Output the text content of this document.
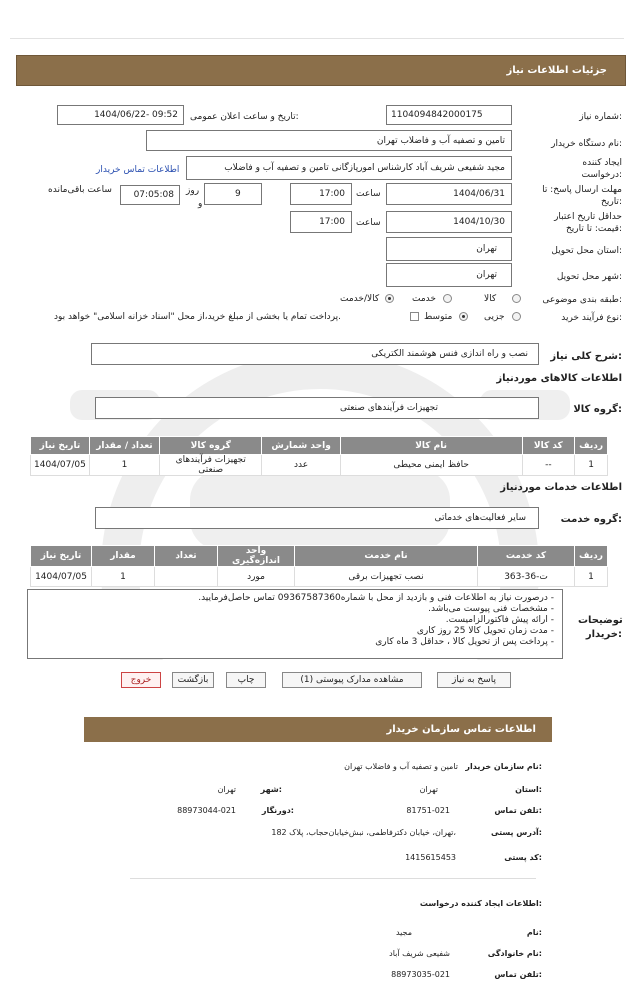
جزئیات اطلاعات نیاز
شماره نیاز:
1104094842000175
تاریخ و ساعت اعلان عمومی:
1404/06/22- 09:52
نام دستگاه خریدار:
تامین و تصفیه آب و فاضلاب تهران
ایجاد کننده درخواست:
مجید شفیعی شریف آباد کارشناس امورپازگانی تامین و تصفیه آب و فاضلاب
اطلاعات تماس خریدار
مهلت ارسال پاسخ: تا تاریخ:
1404/06/31
ساعت
17:00
9
روز
و
07:05:08
ساعت باقی‌مانده
حداقل تاریخ اعتبار قیمت: تا تاریخ:
1404/10/30
ساعت
17:00
استان محل تحویل:
تهران
شهر محل تحویل:
تهران
طبقه بندی موضوعی:
کالا
خدمت
کالا/خدمت
نوع فرآیند خرید:
جزیی
متوسط
پرداخت تمام یا بخشی از مبلغ خرید،از محل "اسناد خزانه اسلامی" خواهد بود.
شرح کلی نیاز:
نصب و راه اندازی فنس هوشمند الکتریکی
اطلاعات کالاهای موردنیاز
گروه کالا:
تجهیزات فرآیندهای صنعتی
ردیف	کد کالا	نام کالا	واحد شمارش	گروه کالا	تعداد / مقدار	تاریخ نیاز
1	--	حافظ ایمنی محیطی	عدد	تجهیزات فرآیندهای صنعتی	1	1404/07/05
اطلاعات خدمات موردنیاز
گروه خدمت:
سایر فعالیت‌های خدماتی
ردیف	کد خدمت	نام خدمت	واحد اندازه‌گیری	تعداد	مقدار	تاریخ نیاز
1	ت-36-363	نصب تجهیزات برقی	مورد		1	1404/07/05
توضیحات خریدار:
- درصورت نیاز به اطلاعات فنی و بازدید از محل با شماره09367587360 تماس حاصل‌فرمایید.
- مشخصات فنی پیوست می‌باشد.
- ارائه پیش فاکتورالزامیست.
- مدت زمان تحویل کالا 25 روز کاری
- پرداخت پس از تحویل کالا ، حداقل 3 ماه کاری
پاسخ به نیاز
مشاهده مدارک پیوستی (1)
چاپ
بازگشت
خروج
اطلاعات تماس سازمان خریدار
نام سازمان خریدار:
تامین و تصفیه آب و فاضلاب تهران
استان:
تهران
شهر:
تهران
تلفن تماس:
81751-021
دورنگار:
88973044-021
آدرس پستی:
تهران، خیابان دکترفاطمی، نبش‌خیابان‌حجاب، پلاک 182،
کد پستی:
1415615453
اطلاعات ایجاد کننده درخواست:
نام:
مجید
نام خانوادگی:
شفیعی شریف آباد
تلفن تماس:
88973035-021
